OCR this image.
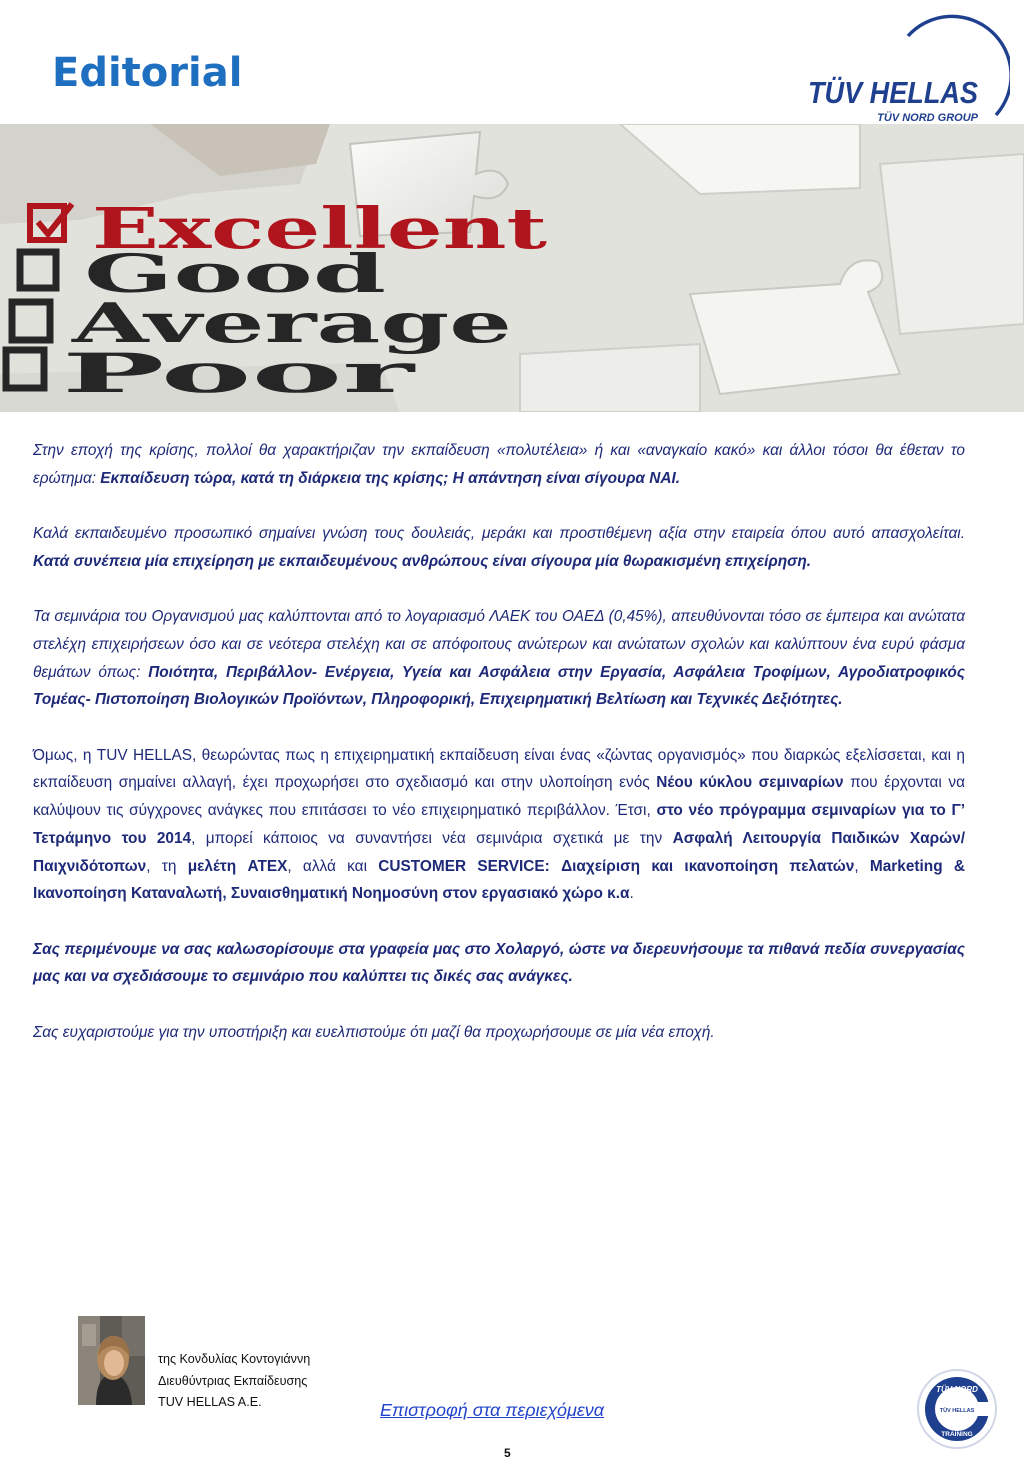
Editorial	TÜV HELLAS
TÜV NORD GROUP
Excellent
Good
Average
Poor

Στην εποχή της κρίσης, πολλοί θα χαρακτήριζαν την εκπαίδευση «πολυτέλεια» ή και «αναγκαίο κακό» και άλλοι τόσοι θα έθεταν το ερώτημα: Εκπαίδευση τώρα, κατά τη διάρκεια της κρίσης; Η απάντηση είναι σίγουρα ΝΑΙ.

Καλά εκπαιδευμένο προσωπικό σημαίνει γνώση τους δουλειάς, μεράκι και προστιθέμενη αξία στην εταιρεία όπου αυτό απασχολείται. Κατά συνέπεια μία επιχείρηση με εκπαιδευμένους ανθρώπους είναι σίγουρα μία θωρακισμένη επιχείρηση.

Τα σεμινάρια του Οργανισμού μας καλύπτονται από το λογαριασμό ΛΑΕΚ του ΟΑΕΔ (0,45%), απευθύνονται τόσο σε έμπειρα και ανώτατα στελέχη επιχειρήσεων όσο και σε νεότερα στελέχη και σε απόφοιτους ανώτερων και ανώτατων σχολών και καλύπτουν ένα ευρύ φάσμα θεμάτων όπως: Ποιότητα, Περιβάλλον- Ενέργεια, Υγεία και Ασφάλεια στην Εργασία, Ασφάλεια Τροφίμων, Αγροδιατροφικός Τομέας- Πιστοποίηση Βιολογικών Προϊόντων, Πληροφορική, Επιχειρηματική Βελτίωση και Τεχνικές Δεξιότητες.

Όμως, η TUV HELLAS, θεωρώντας πως η επιχειρηματική εκπαίδευση είναι ένας «ζώντας οργανισμός» που διαρκώς εξελίσσεται, και η εκπαίδευση σημαίνει αλλαγή, έχει προχωρήσει στο σχεδιασμό και στην υλοποίηση ενός Νέου κύκλου σεμιναρίων που έρχονται να καλύψουν τις σύγχρονες ανάγκες που επιτάσσει το νέο επιχειρηματικό περιβάλλον. Έτσι, στο νέο πρόγραμμα σεμιναρίων για το Γ’ Τετράμηνο του 2014, μπορεί κάποιος να συναντήσει νέα σεμινάρια σχετικά με την Ασφαλή Λειτουργία Παιδικών Χαρών/ Παιχνιδότοπων, τη μελέτη ATEX, αλλά και CUSTOMER SERVICE: Διαχείριση και ικανοποίηση πελατών, Marketing & Ικανοποίηση Καταναλωτή, Συναισθηματική Νοημοσύνη στον εργασιακό χώρο κ.α.

Σας περιμένουμε να σας καλωσορίσουμε στα γραφεία μας στο Χολαργό, ώστε να διερευνήσουμε τα πιθανά πεδία συνεργασίας μας και να σχεδιάσουμε το σεμινάριο που καλύπτει τις δικές σας ανάγκες.

Σας ευχαριστούμε για την υποστήριξη και ευελπιστούμε ότι μαζί θα προχωρήσουμε σε μία νέα εποχή.

της Κονδυλίας Κοντογιάννη
Διευθύντριας Εκπαίδευσης
TUV HELLAS A.E.	Επιστροφή στα περιεχόμενα
5
TÜV NORD
TÜV HELLAS
TRAINING
